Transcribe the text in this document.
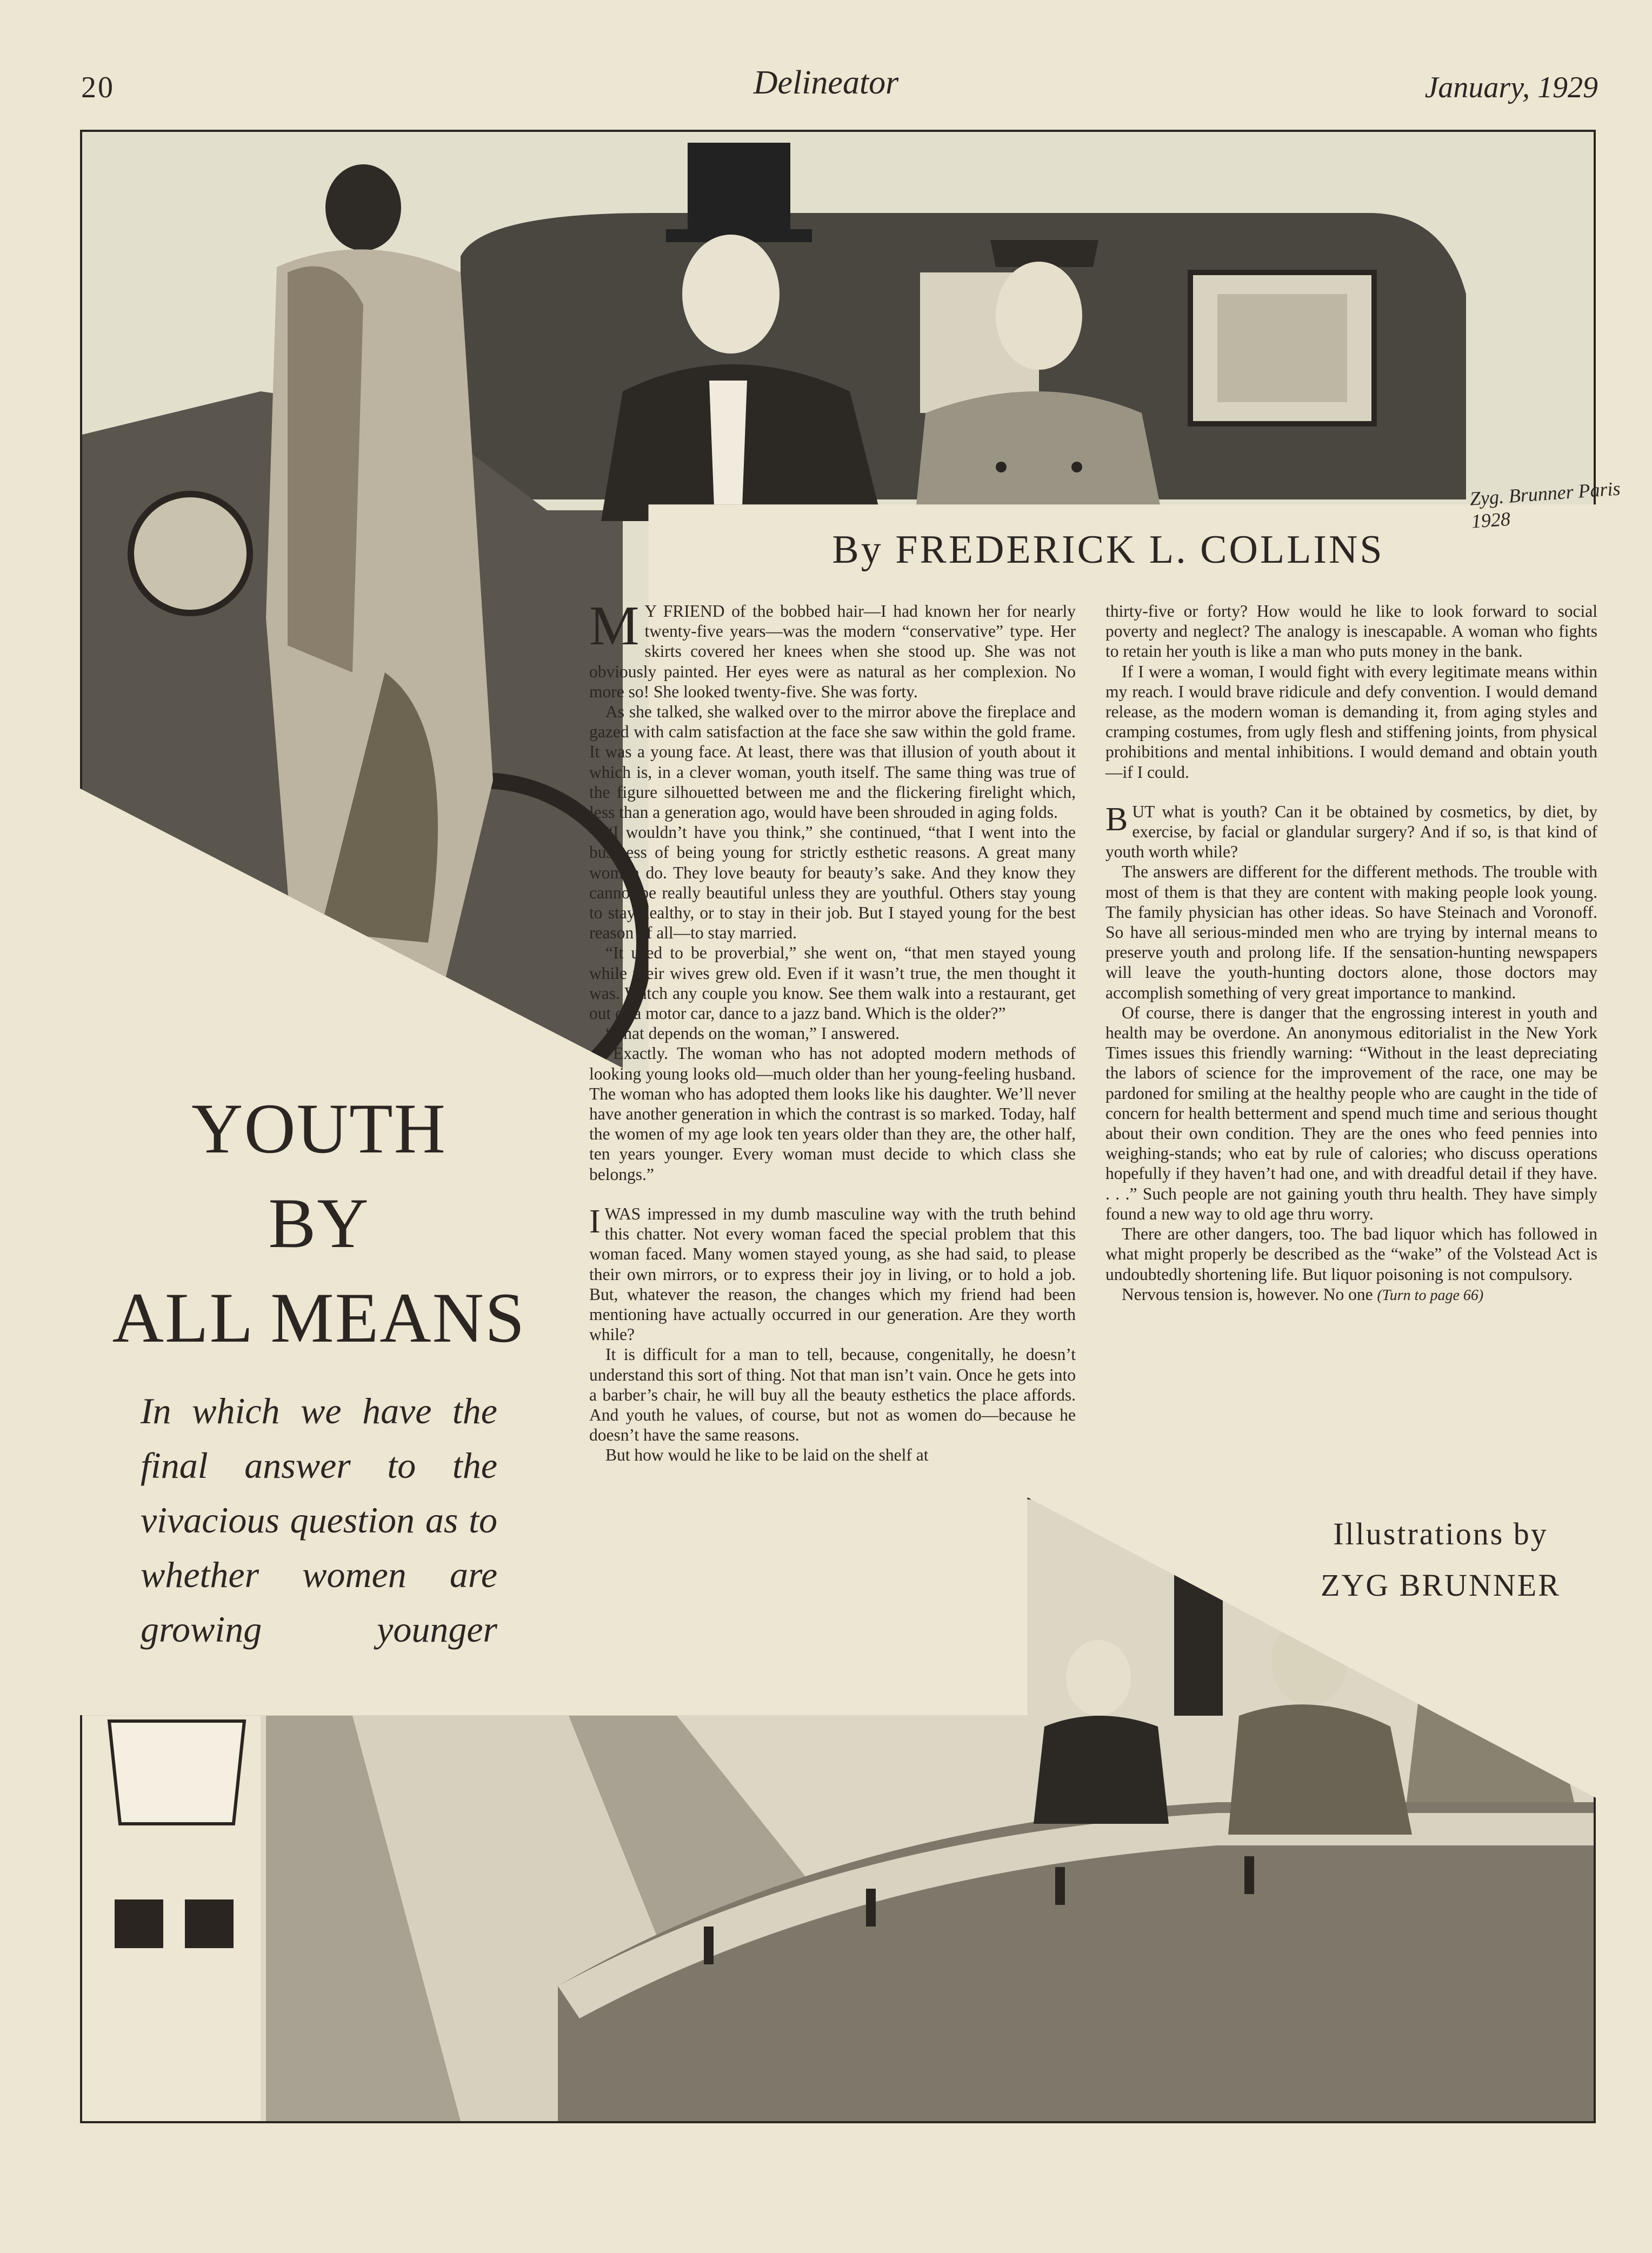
20	Delineator	January, 1929
Zyg. Brunner Paris 1928
By FREDERICK L. COLLINS
YOUTH
BY
ALL MEANS
In which we have the final answer to the vivacious question as to whether women are growing younger
Illustrations by
ZYG BRUNNER

M Y FRIEND of the bobbed hair—I had known her for nearly twenty-five years—was the modern “conservative” type. Her skirts covered her knees when she stood up. She was not obviously painted. Her eyes were as natural as her complexion. No more so! She looked twenty-five. She was forty.

As she talked, she walked over to the mirror above the fireplace and gazed with calm satisfaction at the face she saw within the gold frame. It was a young face. At least, there was that illusion of youth about it which is, in a clever woman, youth itself. The same thing was true of the figure silhouetted between me and the flickering firelight which, less than a generation ago, would have been shrouded in aging folds.

“I wouldn’t have you think,” she continued, “that I went into the business of being young for strictly esthetic reasons. A great many women do. They love beauty for beauty’s sake. And they know they cannot be really beautiful unless they are youthful. Others stay young to stay healthy, or to stay in their job. But I stayed young for the best reason of all—to stay married.

“It used to be proverbial,” she went on, “that men stayed young while their wives grew old. Even if it wasn’t true, the men thought it was. Watch any couple you know. See them walk into a restaurant, get out of a motor car, dance to a jazz band. Which is the older?”

“That depends on the woman,” I answered.

“Exactly. The woman who has not adopted modern methods of looking young looks old—much older than her young-feeling husband. The woman who has adopted them looks like his daughter. We’ll never have another generation in which the contrast is so marked. Today, half the women of my age look ten years older than they are, the other half, ten years younger. Every woman must decide to which class she belongs.”

IWAS impressed in my dumb masculine way with the truth behind this chatter. Not every woman faced the special problem that this woman faced. Many women stayed young, as she had said, to please their own mirrors, or to express their joy in living, or to hold a job. But, whatever the reason, the changes which my friend had been mentioning have actually occurred in our generation. Are they worth while?

It is difficult for a man to tell, because, congenitally, he doesn’t understand this sort of thing. Not that man isn’t vain. Once he gets into a barber’s chair, he will buy all the beauty esthetics the place affords. And youth he values, of course, but not as women do—because he doesn’t have the same reasons.

But how would he like to be laid on the shelf at

thirty-five or forty? How would he like to look forward to social poverty and neglect? The analogy is inescapable. A woman who fights to retain her youth is like a man who puts money in the bank.

If I were a woman, I would fight with every legitimate means within my reach. I would brave ridicule and defy convention. I would demand release, as the modern woman is demanding it, from aging styles and cramping costumes, from ugly flesh and stiffening joints, from physical prohibitions and mental inhibitions. I would demand and obtain youth—if I could.

BUT what is youth? Can it be obtained by cosmetics, by diet, by exercise, by facial or glandular surgery? And if so, is that kind of youth worth while?

The answers are different for the different methods. The trouble with most of them is that they are content with making people look young. The family physician has other ideas. So have Steinach and Voronoff. So have all serious-minded men who are trying by internal means to preserve youth and prolong life. If the sensation-hunting newspapers will leave the youth-hunting doctors alone, those doctors may accomplish something of very great importance to mankind.

Of course, there is danger that the engrossing interest in youth and health may be overdone. An anonymous editorialist in the New York Times issues this friendly warning: “Without in the least depreciating the labors of science for the improvement of the race, one may be pardoned for smiling at the healthy people who are caught in the tide of concern for health betterment and spend much time and serious thought about their own condition. They are the ones who feed pennies into weighing-stands; who eat by rule of calories; who discuss operations hopefully if they haven’t had one, and with dreadful detail if they have. . . .” Such people are not gaining youth thru health. They have simply found a new way to old age thru worry.

There are other dangers, too. The bad liquor which has followed in what might properly be described as the “wake” of the Volstead Act is undoubtedly shortening life. But liquor poisoning is not compulsory.

Nervous tension is, however. No one (Turn to page 66)
